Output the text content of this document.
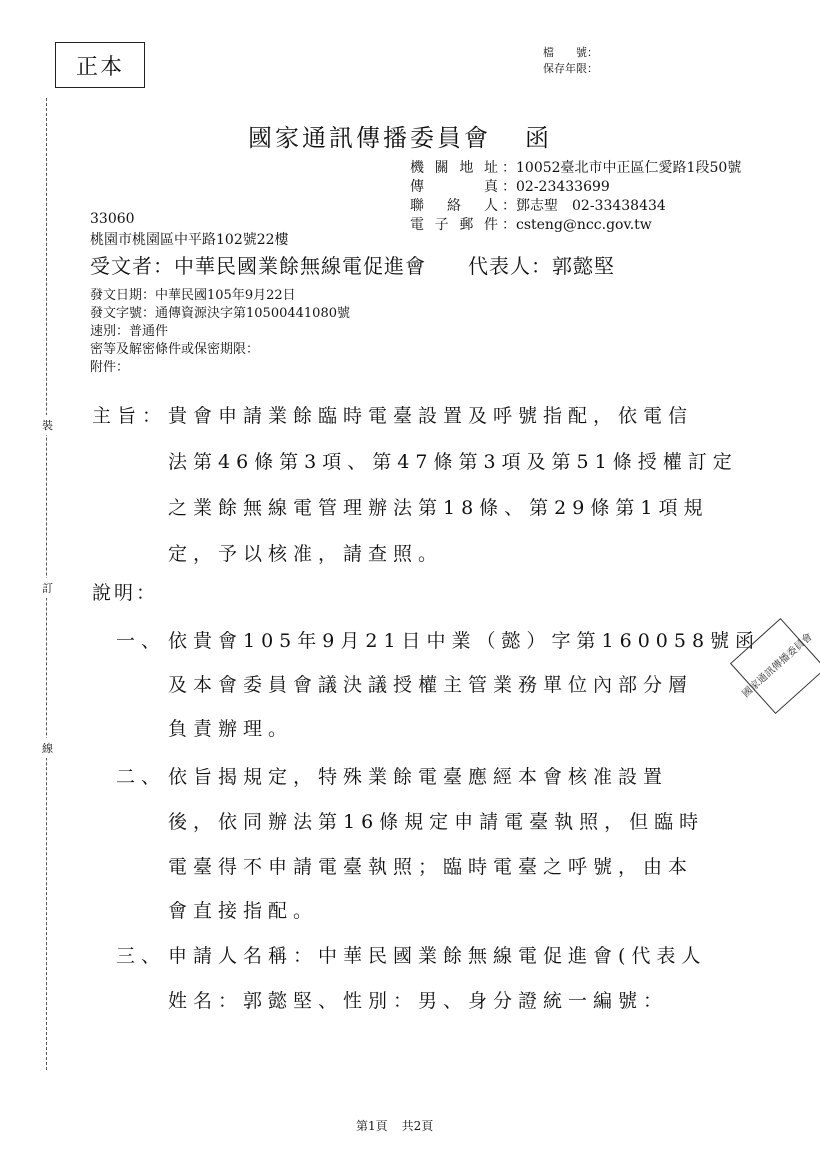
正本
檔　　號：
保存年限：
裝
訂
線
國家通訊傳播委員會 函
機關地址 ：10052臺北市中正區仁愛路1段50號
傳　　真 ：02-23433699
聯 絡 人 ：鄧志聖　02-33438434
電子郵件 ：csteng@ncc.gov.tw
33060
桃園市桃園區中平路102號22樓
受文者：中華民國業餘無線電促進會 代表人：郭懿堅
發文日期：中華民國105年9月22日
發文字號：通傳資源決字第10500441080號
速別：普通件
密等及解密條件或保密期限：
附件：
主旨： 貴會申請業餘臨時電臺設置及呼號指配，依電信
法第46條第3項、第47條第3項及第51條授權訂定
之業餘無線電管理辦法第18條、第29條第1項規
定，予以核准，請查照。
說明：
一、 依貴會105年9月21日中業（懿）字第160058號函
及本會委員會議決議授權主管業務單位內部分層
負責辦理。
二、 依旨揭規定，特殊業餘電臺應經本會核准設置
後，依同辦法第16條規定申請電臺執照，但臨時
電臺得不申請電臺執照；臨時電臺之呼號，由本
會直接指配。
三、 申請人名稱：中華民國業餘無線電促進會(代表人
姓名：郭懿堅、性別：男、身分證統一編號：
國家通訊傳播委員會
第1頁 共2頁
